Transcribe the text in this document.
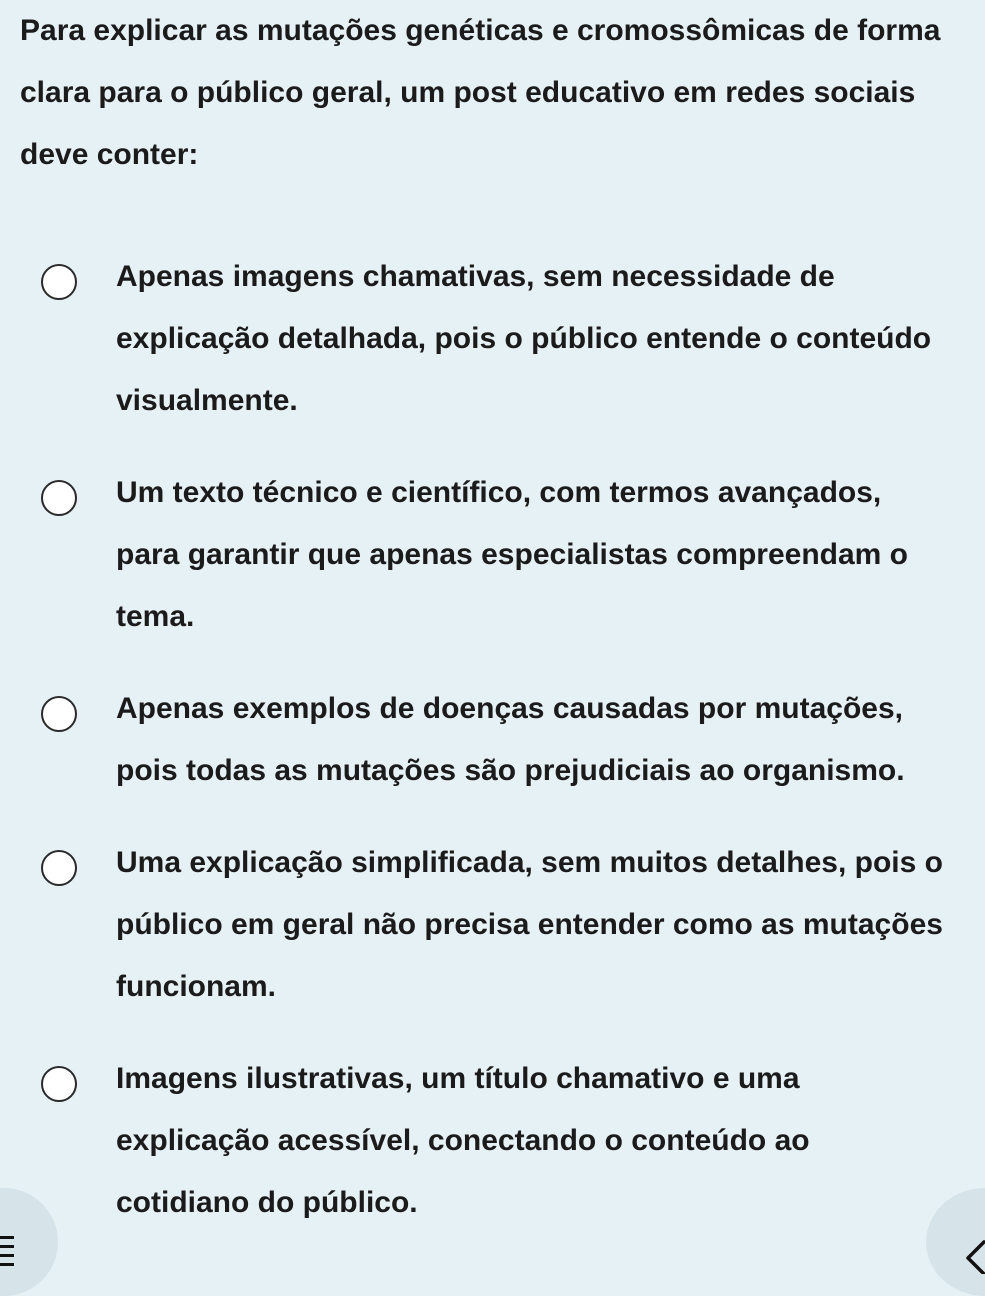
Para explicar as mutações genéticas e cromossômicas de forma clara para o público geral, um post educativo em redes sociais deve conter:

Apenas imagens chamativas, sem necessidade de explicação detalhada, pois o público entende o conteúdo visualmente.
Um texto técnico e científico, com termos avançados, para garantir que apenas especialistas compreendam o tema.
Apenas exemplos de doenças causadas por mutações, pois todas as mutações são prejudiciais ao organismo.
Uma explicação simplificada, sem muitos detalhes, pois o público em geral não precisa entender como as mutações funcionam.
Imagens ilustrativas, um título chamativo e uma explicação acessível, conectando o conteúdo ao cotidiano do público.
